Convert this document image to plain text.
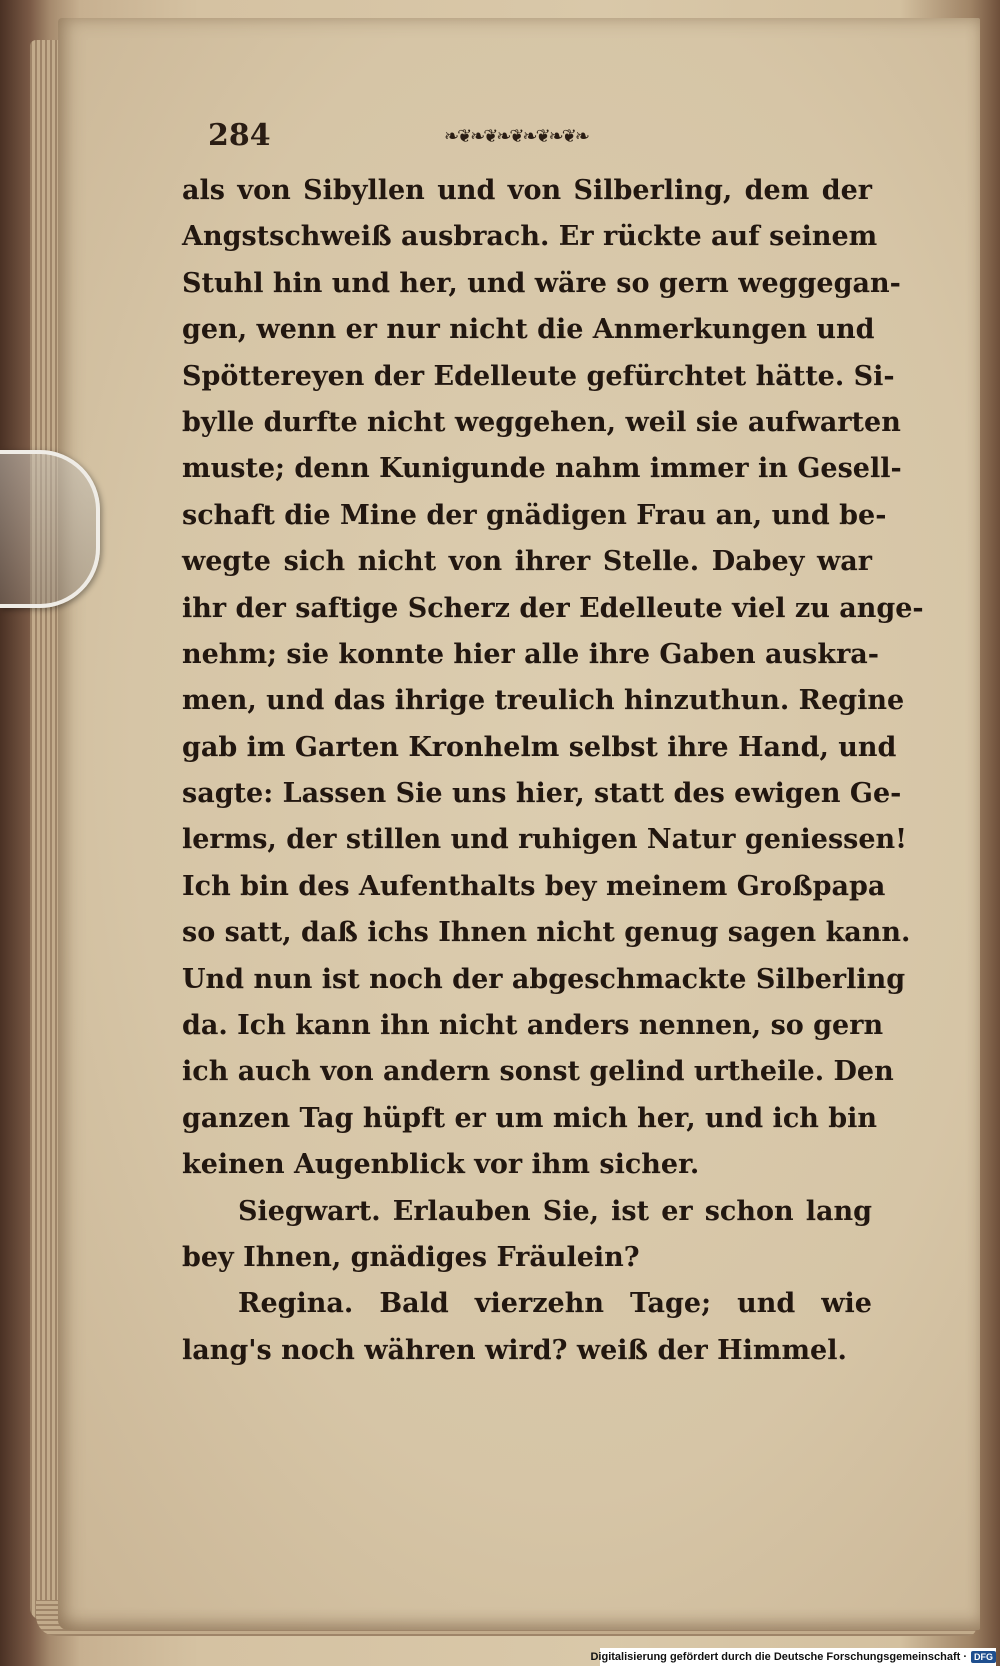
284	❧❦❧❦❧❦❧❦❧❦❧
als von Sibyllen und von Silberling, dem der
Angstschweiß ausbrach. Er rückte auf seinem
Stuhl hin und her, und wäre so gern weggegan-
gen, wenn er nur nicht die Anmerkungen und
Spöttereyen der Edelleute gefürchtet hätte. Si-
bylle durfte nicht weggehen, weil sie aufwarten
muste; denn Kunigunde nahm immer in Gesell-
schaft die Mine der gnädigen Frau an, und be-
wegte sich nicht von ihrer Stelle. Dabey war
ihr der saftige Scherz der Edelleute viel zu ange-
nehm; sie konnte hier alle ihre Gaben auskra-
men, und das ihrige treulich hinzuthun. Regine
gab im Garten Kronhelm selbst ihre Hand, und
sagte: Lassen Sie uns hier, statt des ewigen Ge-
lerms, der stillen und ruhigen Natur geniessen!
Ich bin des Aufenthalts bey meinem Großpapa
so satt, daß ichs Ihnen nicht genug sagen kann.
Und nun ist noch der abgeschmackte Silberling
da. Ich kann ihn nicht anders nennen, so gern
ich auch von andern sonst gelind urtheile. Den
ganzen Tag hüpft er um mich her, und ich bin
keinen Augenblick vor ihm sicher.
Siegwart. Erlauben Sie, ist er schon lang
bey Ihnen, gnädiges Fräulein?
Regina. Bald vierzehn Tage; und wie
lang's noch währen wird? weiß der Himmel.
Digitalisierung gefördert durch die Deutsche Forschungsgemeinschaft · DFG
